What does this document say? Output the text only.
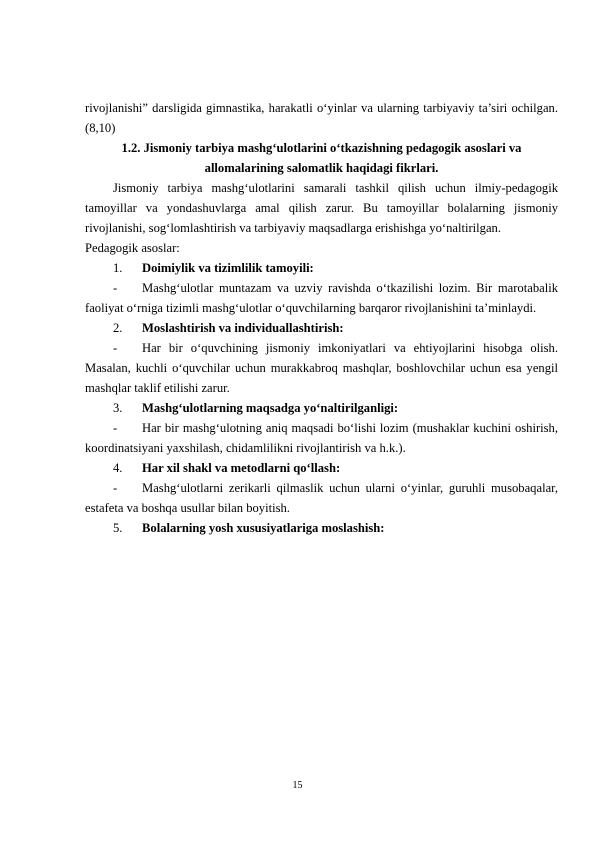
rivojlanishi” darsligida gimnastika, harakatli o‘yinlar va ularning tarbiyaviy ta’siri ochilgan.(8,10)

1.2. Jismoniy tarbiya mashg‘ulotlarini o‘tkazishning pedagogik asoslari va allomalarining salomatlik haqidagi fikrlari.

Jismoniy tarbiya mashg‘ulotlarini samarali tashkil qilish uchun ilmiy-pedagogik tamoyillar va yondashuvlarga amal qilish zarur. Bu tamoyillar bolalarning jismoniy rivojlanishi, sog‘lomlashtirish va tarbiyaviy maqsadlarga erishishga yo‘naltirilgan.

Pedagogik asoslar:

1.	Doimiylik va tizimlilik tamoyili:

- Mashg‘ulotlar muntazam va uzviy ravishda o‘tkazilishi lozim. Bir marotabalik faoliyat o‘rniga tizimli mashg‘ulotlar o‘quvchilarning barqaror rivojlanishini ta’minlaydi.

2.	Moslashtirish va individuallashtirish:

- Har bir o‘quvchining jismoniy imkoniyatlari va ehtiyojlarini hisobga olish. Masalan, kuchli o‘quvchilar uchun murakkabroq mashqlar, boshlovchilar uchun esa yengil mashqlar taklif etilishi zarur.

3.	Mashg‘ulotlarning maqsadga yo‘naltirilganligi:

- Har bir mashg‘ulotning aniq maqsadi bo‘lishi lozim (mushaklar kuchini oshirish, koordinatsiyani yaxshilash, chidamlilikni rivojlantirish va h.k.).

4.	Har xil shakl va metodlarni qo‘llash:

- Mashg‘ulotlarni zerikarli qilmaslik uchun ularni o‘yinlar, guruhli musobaqalar, estafeta va boshqa usullar bilan boyitish.

5.	Bolalarning yosh xususiyatlariga moslashish:
15
